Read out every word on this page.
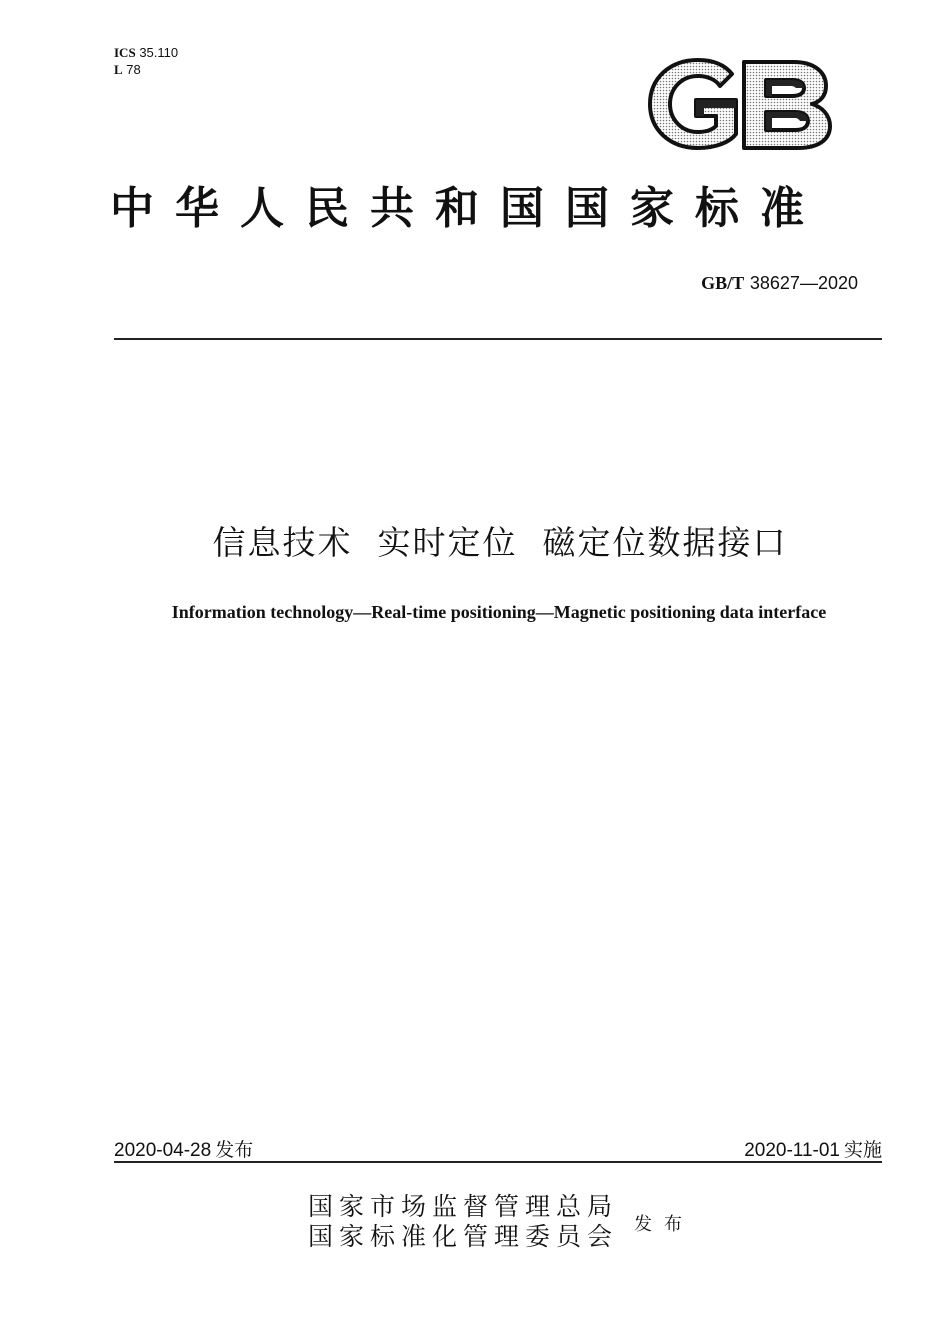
ICS 35.110
L 78
中华人民共和国国家标准
GB/T 38627—2020
信息技术  实时定位  磁定位数据接口
Information technology—Real-time positioning—Magnetic positioning data interface
2020-04-28 发布	2020-11-01 实施
国家市场监督管理总局
国家标准化管理委员会 发布
